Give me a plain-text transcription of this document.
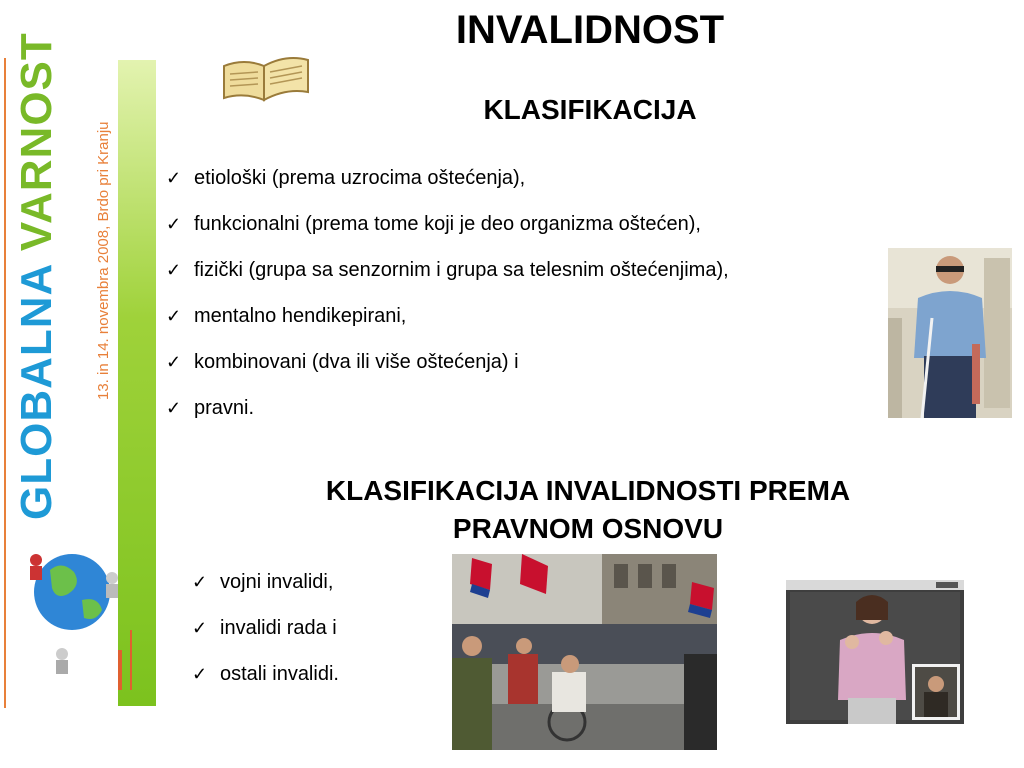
GLOBALNA VARNOST 13. in 14. novembra 2008, Brdo pri Kranju
INVALIDNOST
KLASIFIKACIJA
✓ etiološki (prema uzrocima oštećenja),
✓ funkcionalni (prema tome koji je deo organizma oštećen),
✓ fizički (grupa sa senzornim i grupa sa telesnim oštećenjima),
✓ mentalno hendikepirani,
✓ kombinovani (dva ili više oštećenja) i
✓ pravni.
KLASIFIKACIJA INVALIDNOSTI PREMA
PRAVNOM OSNOVU
✓ vojni invalidi,
✓ invalidi rada i
✓ ostali invalidi.
